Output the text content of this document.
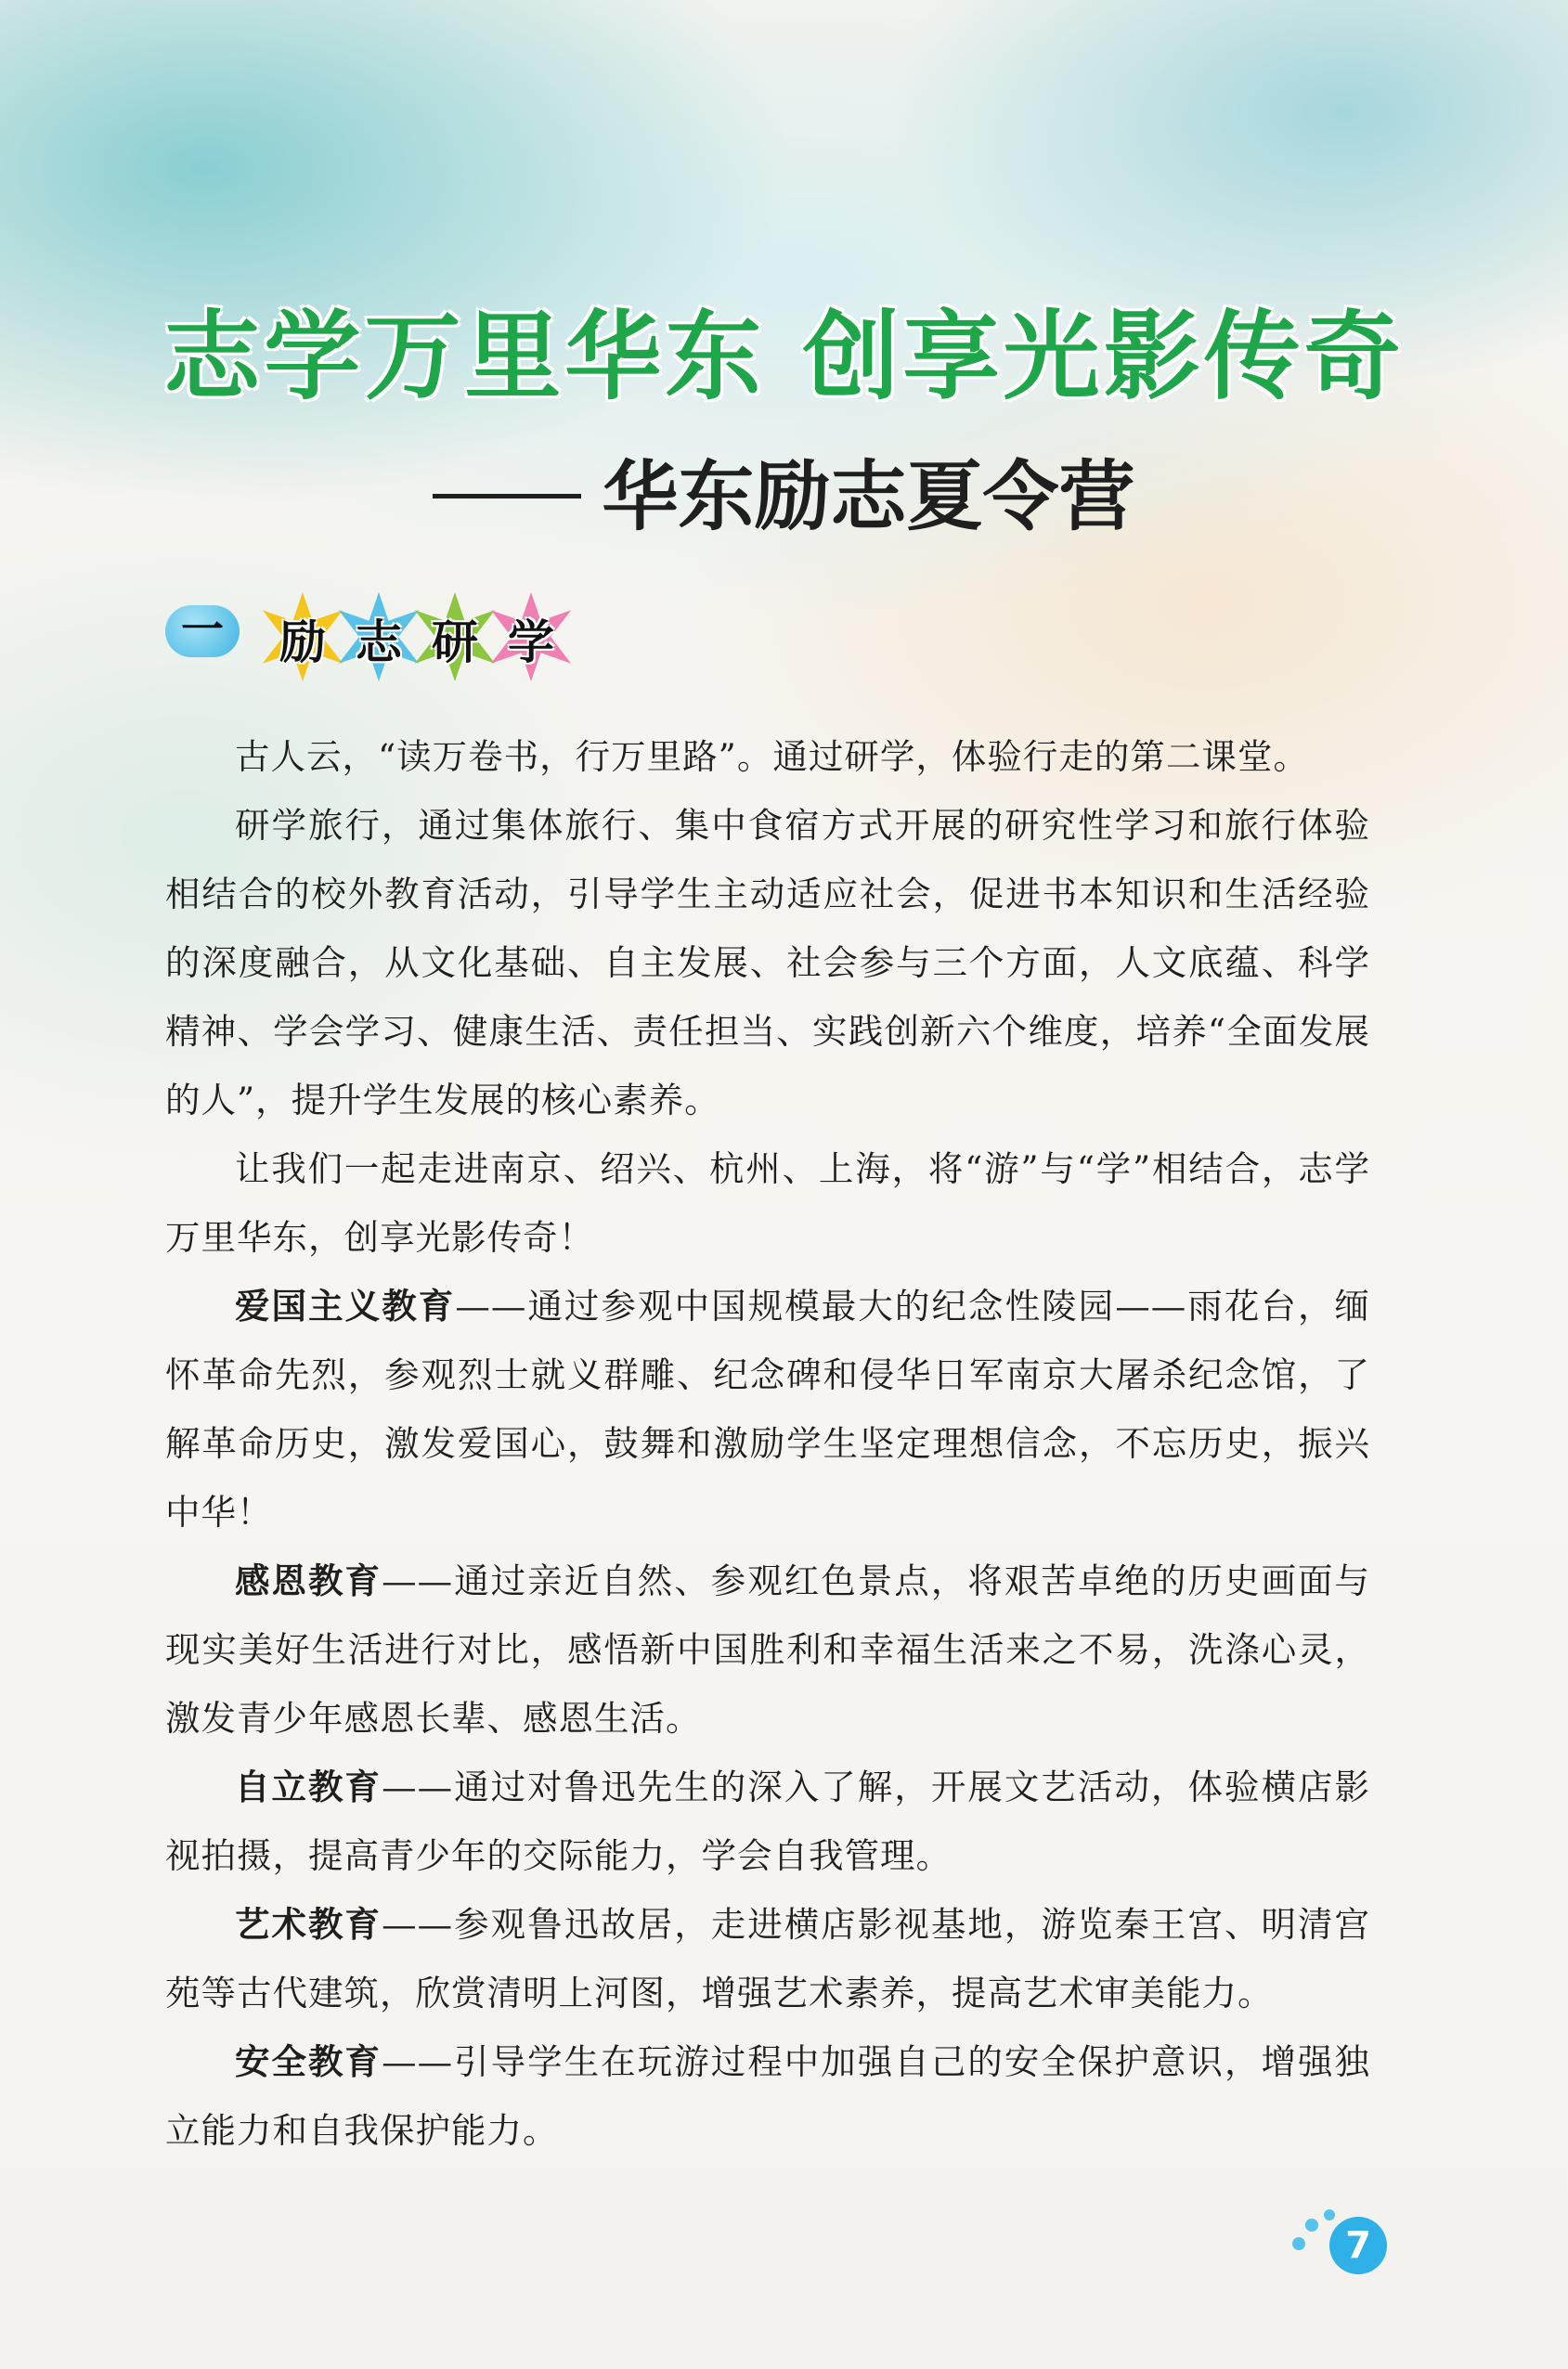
志学万里华东 创享光影传奇
华东励志夏令营
一	励 志 研 学

古人云，“读万卷书，行万里路”。通过研学，体验行走的第二课堂。

研学旅行，通过集体旅行、集中食宿方式开展的研究性学习和旅行体验相结合的校外教育活动，引导学生主动适应社会，促进书本知识和生活经验的深度融合，从文化基础、自主发展、社会参与三个方面，人文底蕴、科学精神、学会学习、健康生活、责任担当、实践创新六个维度，培养“全面发展的人”，提升学生发展的核心素养。

让我们一起走进南京、绍兴、杭州、上海，将“游”与“学”相结合，志学万里华东，创享光影传奇！

爱国主义教育——通过参观中国规模最大的纪念性陵园——雨花台，缅怀革命先烈，参观烈士就义群雕、纪念碑和侵华日军南京大屠杀纪念馆，了解革命历史，激发爱国心，鼓舞和激励学生坚定理想信念，不忘历史，振兴中华！

感恩教育——通过亲近自然、参观红色景点，将艰苦卓绝的历史画面与现实美好生活进行对比，感悟新中国胜利和幸福生活来之不易，洗涤心灵，激发青少年感恩长辈、感恩生活。

自立教育——通过对鲁迅先生的深入了解，开展文艺活动，体验横店影视拍摄，提高青少年的交际能力，学会自我管理。

艺术教育——参观鲁迅故居，走进横店影视基地，游览秦王宫、明清宫苑等古代建筑，欣赏清明上河图，增强艺术素养，提高艺术审美能力。

安全教育——引导学生在玩游过程中加强自己的安全保护意识，增强独立能力和自我保护能力。

7
